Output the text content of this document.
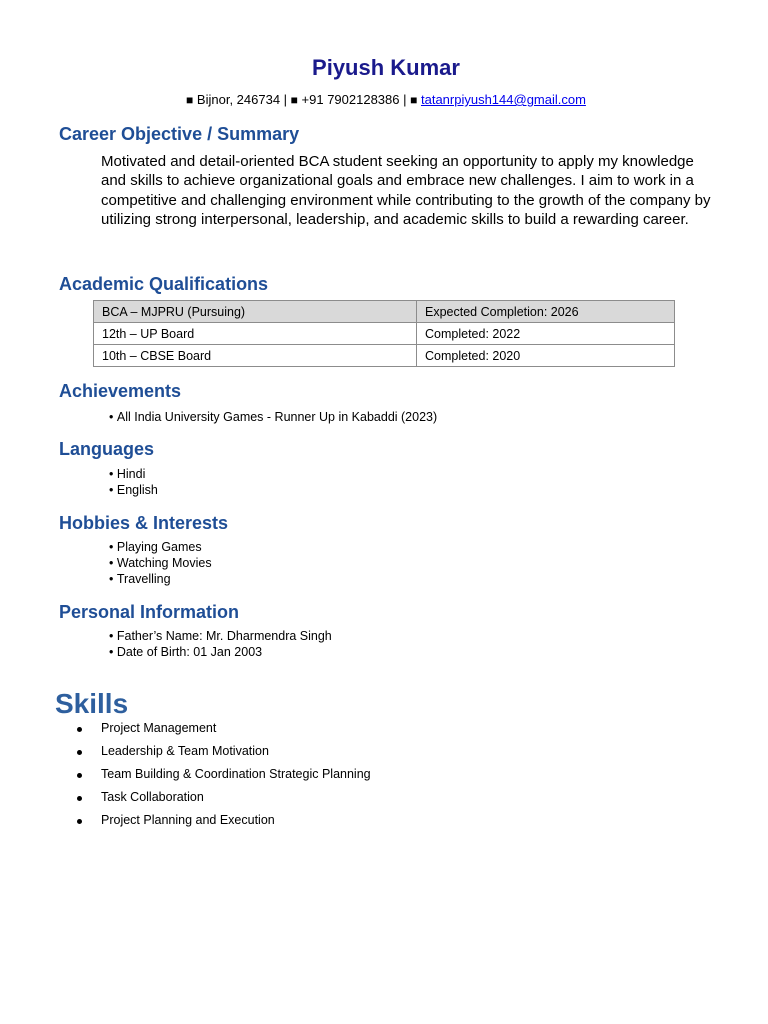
Piyush Kumar
■ Bijnor, 246734 | ■ +91 7902128386 | ■ tatanrpiyush144@gmail.com
Career Objective / Summary
Motivated and detail-oriented BCA student seeking an opportunity to apply my knowledge and skills to achieve organizational goals and embrace new challenges. I aim to work in a competitive and challenging environment while contributing to the growth of the company by utilizing strong interpersonal, leadership, and academic skills to build a rewarding career.
Academic Qualifications
BCA – MJPRU (Pursuing)	Expected Completion: 2026
12th – UP Board	Completed: 2022
10th – CBSE Board	Completed: 2020
Achievements
• All India University Games - Runner Up in Kabaddi (2023)
Languages
• Hindi
• English
Hobbies & Interests
• Playing Games
• Watching Movies
• Travelling
Personal Information
• Father’s Name: Mr. Dharmendra Singh
• Date of Birth: 01 Jan 2003
Skills
Project Management
Leadership & Team Motivation
Team Building & Coordination Strategic Planning
Task Collaboration
Project Planning and Execution
